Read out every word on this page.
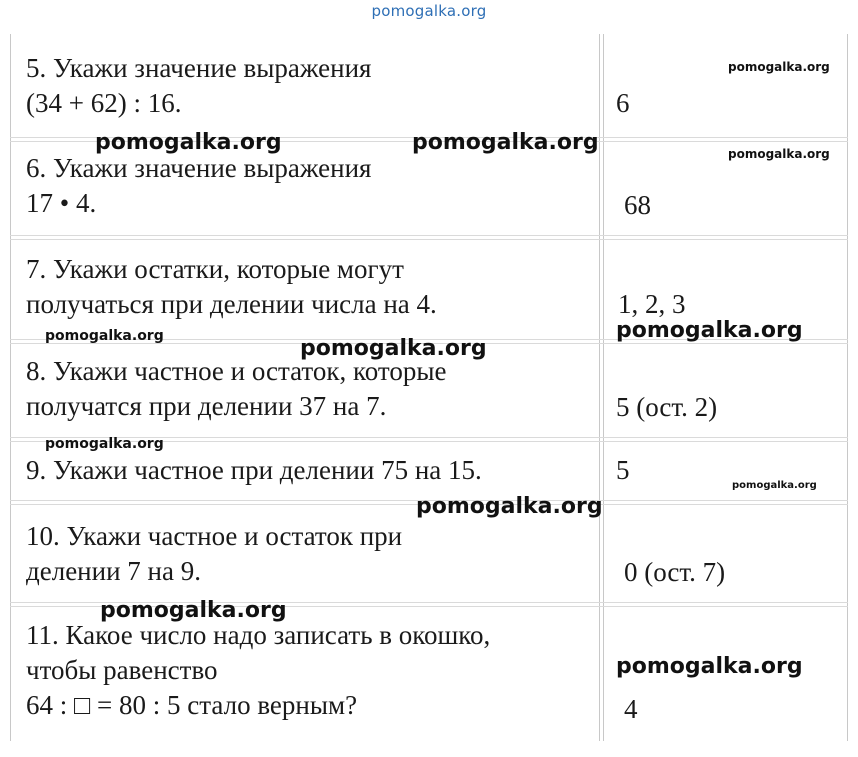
pomogalka.org
5. Укажи значение выражения
(34 + 62) : 16.	6
6. Укажи значение выражения
17 • 4.	68
7. Укажи остатки, которые могут
получаться при делении числа на 4.	1, 2, 3
8. Укажи частное и остаток, которые
получатся при делении 37 на 7.	5 (ост. 2)
9. Укажи частное при делении 75 на 15.	5
10. Укажи частное и остаток при
делении 7 на 9.	0 (ост. 7)
11. Какое число надо записать в окошко,
чтобы равенство
64 : □ = 80 : 5 стало верным?	4
pomogalka.org
pomogalka.org	pomogalka.org	pomogalka.org
pomogalka.org
pomogalka.org	pomogalka.org
pomogalka.org
pomogalka.org
pomogalka.org
pomogalka.org
pomogalka.org
